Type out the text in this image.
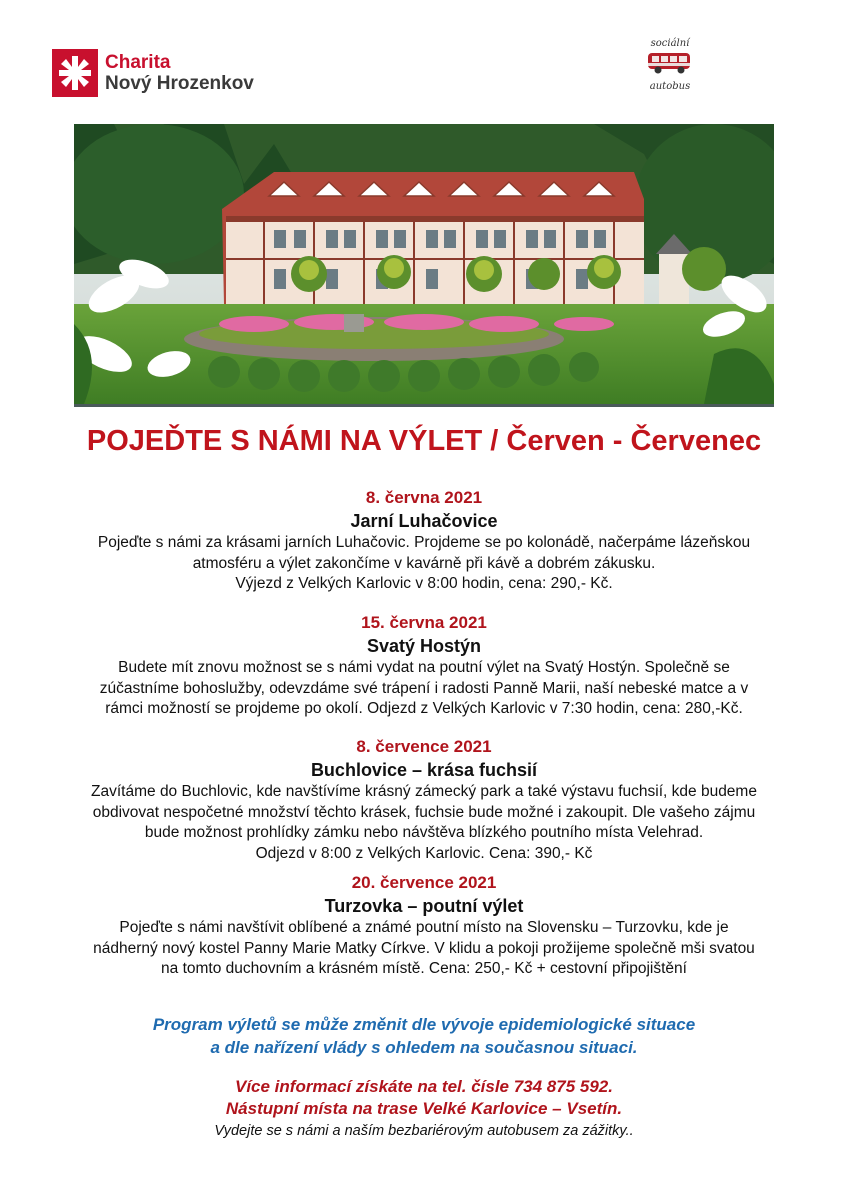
Charita
Nový Hrozenkov
sociální
autobus
POJEĎTE S NÁMI NA VÝLET / Červen - Červenec
8. června 2021
Jarní Luhačovice
Pojeďte s námi za krásami jarních Luhačovic. Projdeme se po kolonádě, načerpáme lázeňskou
atmosféru a výlet zakončíme v kavárně při kávě a dobrém zákusku.
Výjezd z Velkých Karlovic v 8:00 hodin, cena: 290,- Kč.
15. června 2021
Svatý Hostýn
Budete mít znovu možnost se s námi vydat na poutní výlet na Svatý Hostýn. Společně se
zúčastníme bohoslužby, odevzdáme své trápení i radosti Panně Marii, naší nebeské matce a v
rámci možností se projdeme po okolí. Odjezd z Velkých Karlovic v 7:30 hodin, cena: 280,-Kč.
8. července 2021
Buchlovice – krása fuchsií
Zavítáme do Buchlovic, kde navštívíme krásný zámecký park a také výstavu fuchsií, kde budeme
obdivovat nespočetné množství těchto krásek, fuchsie bude možné i zakoupit. Dle vašeho zájmu
bude možnost prohlídky zámku nebo návštěva blízkého poutního místa Velehrad.
Odjezd v 8:00 z Velkých Karlovic. Cena: 390,- Kč
20. července 2021
Turzovka – poutní výlet
Pojeďte s námi navštívit oblíbené a známé poutní místo na Slovensku – Turzovku, kde je
nádherný nový kostel Panny Marie Matky Církve. V klidu a pokoji prožijeme společně mši svatou
na tomto duchovním a krásném místě. Cena: 250,- Kč + cestovní připojištění
Program výletů se může změnit dle vývoje epidemiologické situace
a dle nařízení vlády s ohledem na současnou situaci.
Více informací získáte na tel. čísle 734 875 592.
Nástupní místa na trase Velké Karlovice – Vsetín.
Vydejte se s námi a naším bezbariérovým autobusem za zážitky..
